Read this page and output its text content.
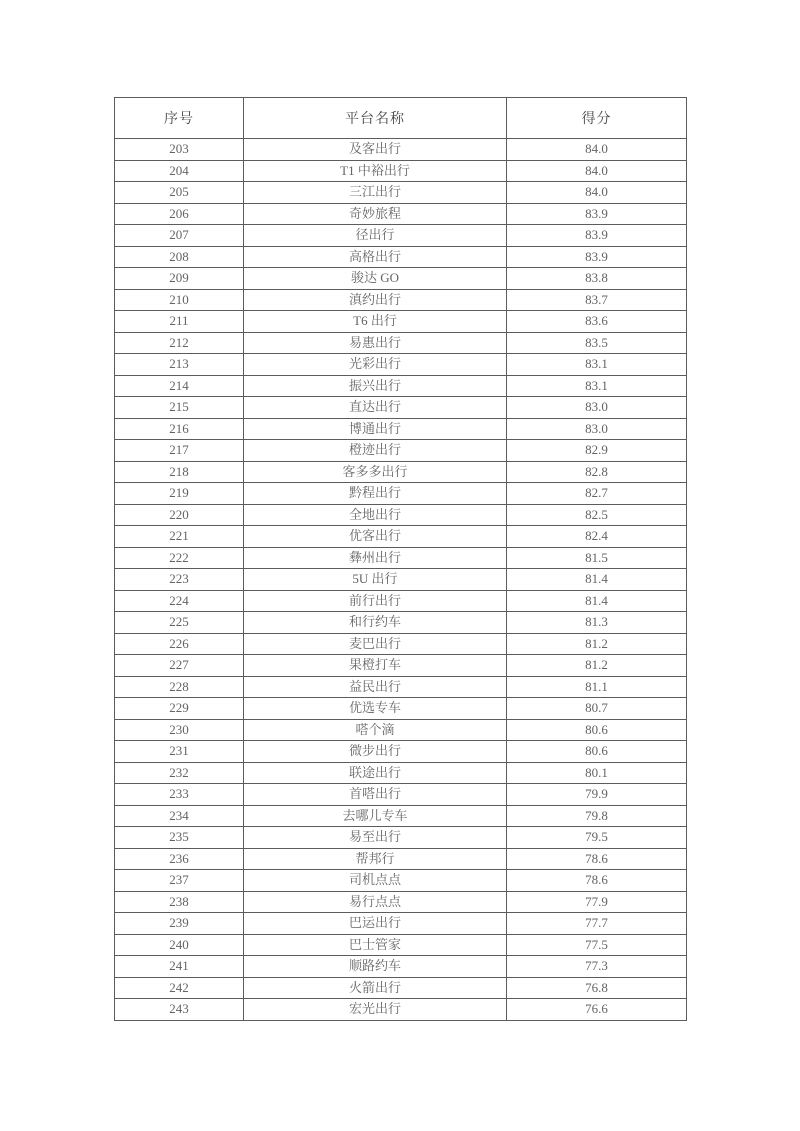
序号	平台名称	得分
203	及客出行	84.0
204	T1 中裕出行	84.0
205	三江出行	84.0
206	奇妙旅程	83.9
207	径出行	83.9
208	高格出行	83.9
209	骏达 GO	83.8
210	滇约出行	83.7
211	T6 出行	83.6
212	易惠出行	83.5
213	光彩出行	83.1
214	振兴出行	83.1
215	直达出行	83.0
216	博通出行	83.0
217	橙迹出行	82.9
218	客多多出行	82.8
219	黔程出行	82.7
220	全地出行	82.5
221	优客出行	82.4
222	彝州出行	81.5
223	5U 出行	81.4
224	前行出行	81.4
225	和行约车	81.3
226	麦巴出行	81.2
227	果橙打车	81.2
228	益民出行	81.1
229	优选专车	80.7
230	嗒个滴	80.6
231	微步出行	80.6
232	联途出行	80.1
233	首嗒出行	79.9
234	去哪儿专车	79.8
235	易至出行	79.5
236	帮邦行	78.6
237	司机点点	78.6
238	易行点点	77.9
239	巴运出行	77.7
240	巴士管家	77.5
241	顺路约车	77.3
242	火箭出行	76.8
243	宏光出行	76.6
